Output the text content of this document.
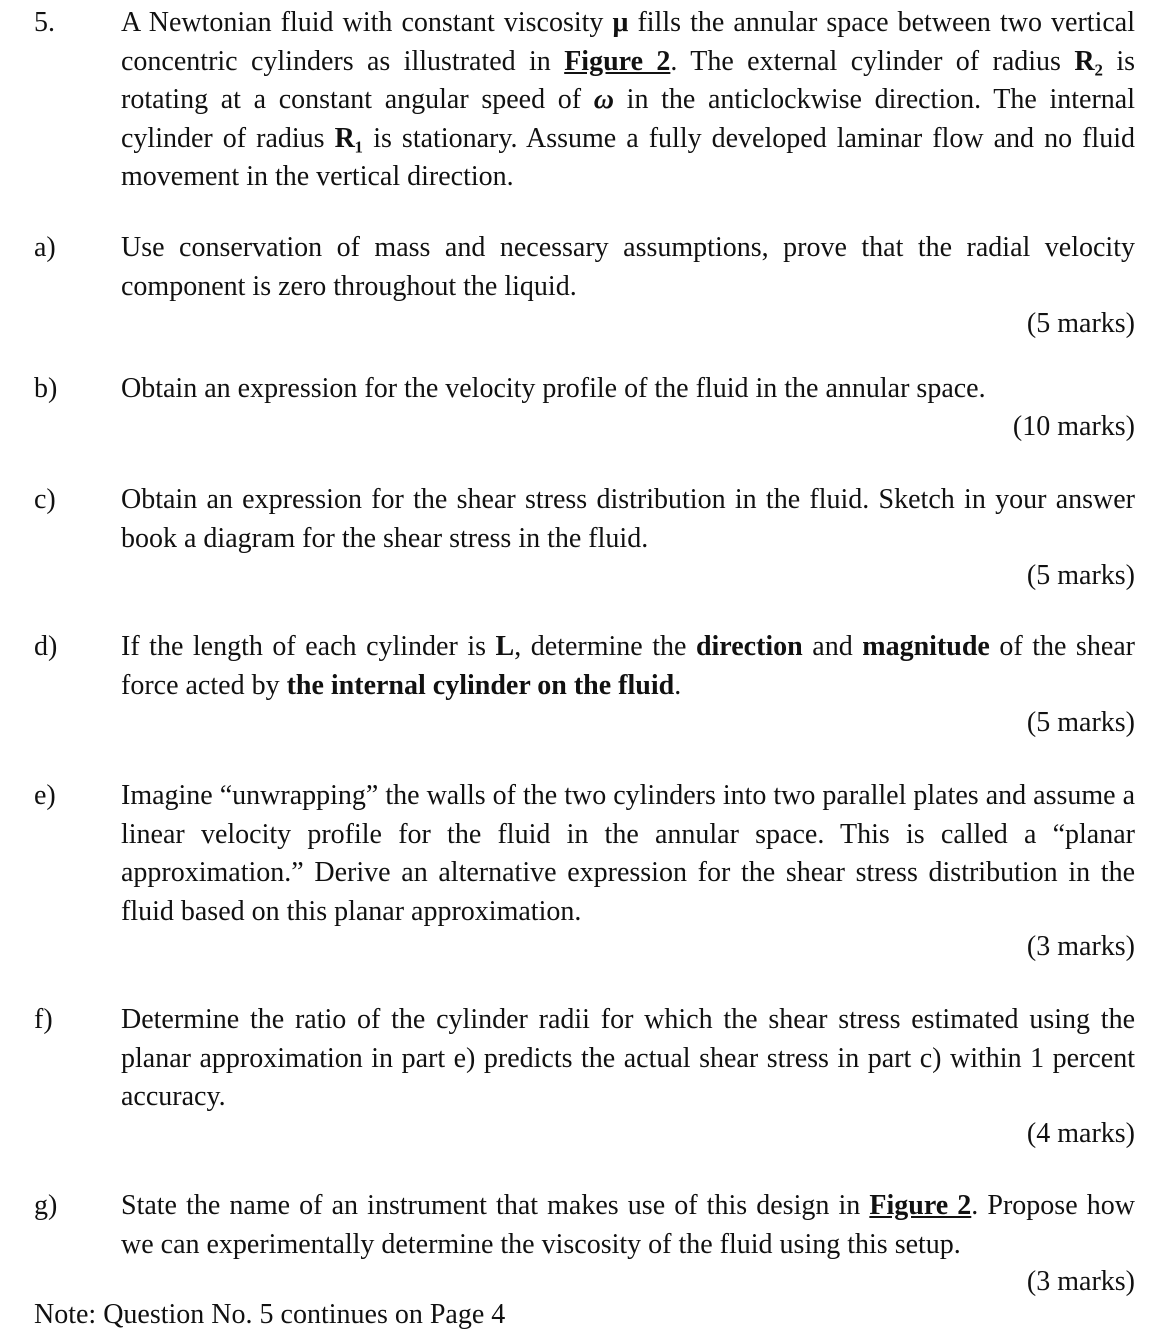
5. A Newtonian fluid with constant viscosity μ fills the annular space between two vertical concentric cylinders as illustrated in Figure 2. The external cylinder of radius R₂ is rotating at a constant angular speed of ω in the anticlockwise direction. The internal cylinder of radius R₁ is stationary. Assume a fully developed laminar flow and no fluid movement in the vertical direction.
a) Use conservation of mass and necessary assumptions, prove that the radial velocity component is zero throughout the liquid.
(5 marks)
b) Obtain an expression for the velocity profile of the fluid in the annular space.
(10 marks)
c) Obtain an expression for the shear stress distribution in the fluid. Sketch in your answer book a diagram for the shear stress in the fluid.
(5 marks)
d) If the length of each cylinder is L, determine the direction and magnitude of the shear force acted by the internal cylinder on the fluid.
(5 marks)
e) Imagine “unwrapping” the walls of the two cylinders into two parallel plates and assume a linear velocity profile for the fluid in the annular space. This is called a “planar approximation.” Derive an alternative expression for the shear stress distribution in the fluid based on this planar approximation.
(3 marks)
f) Determine the ratio of the cylinder radii for which the shear stress estimated using the planar approximation in part e) predicts the actual shear stress in part c) within 1 percent accuracy.
(4 marks)
g) State the name of an instrument that makes use of this design in Figure 2. Propose how we can experimentally determine the viscosity of the fluid using this setup.
(3 marks)
Note: Question No. 5 continues on Page 4
